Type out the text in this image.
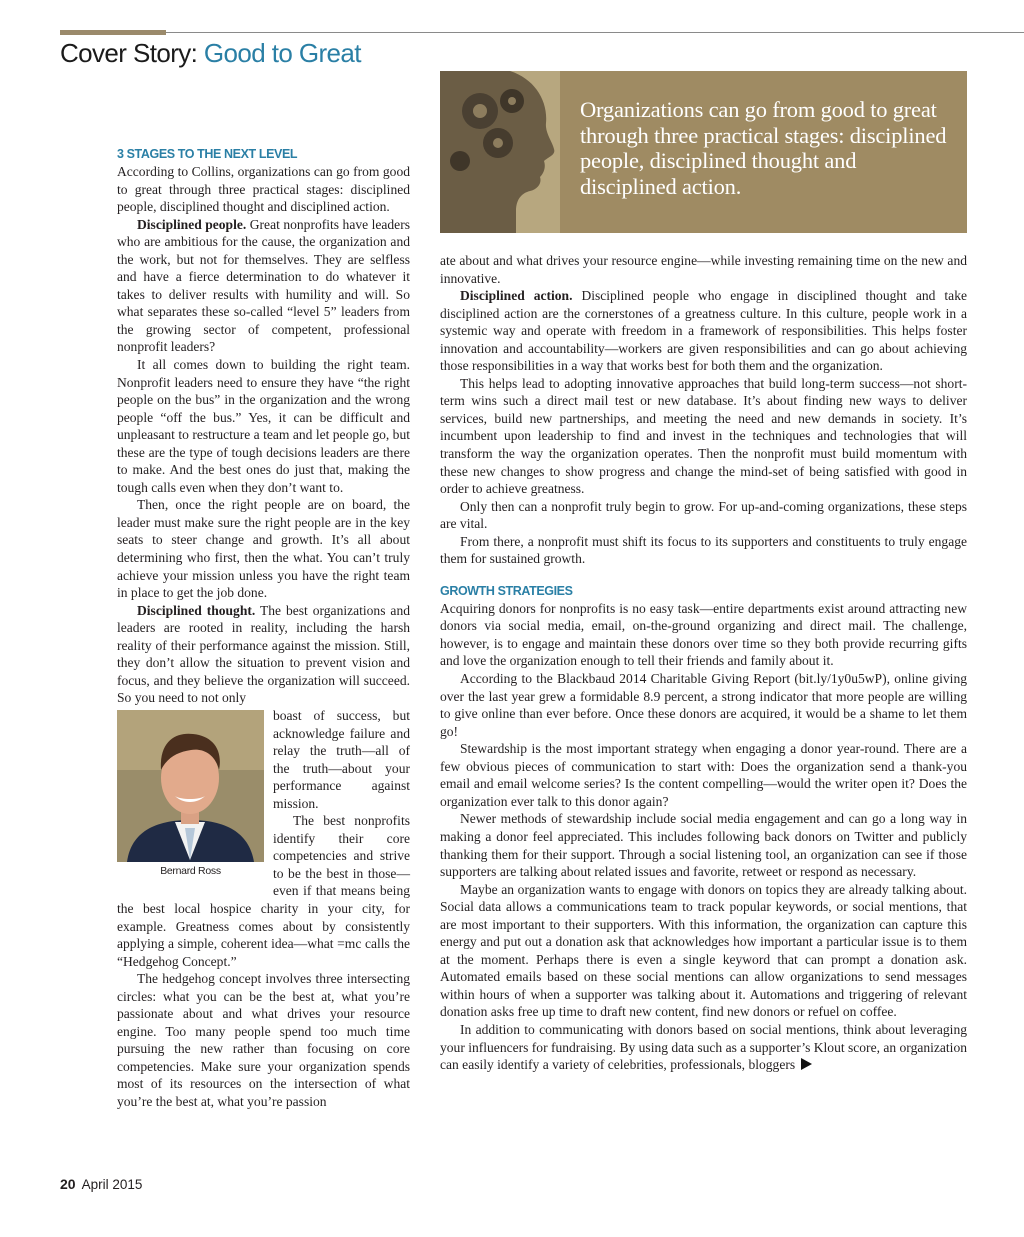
Cover Story: Good to Great
Organizations can go from good to great through three practical stages: disciplined people, disciplined thought and disciplined action.
3 STAGES TO THE NEXT LEVEL

According to Collins, organizations can go from good to great through three practical stages: disciplined people, disciplined thought and disciplined action.

Disciplined people. Great nonprofits have leaders who are ambitious for the cause, the organization and the work, but not for themselves. They are selfless and have a fierce determination to do whatever it takes to deliver results with humility and will. So what separates these so-called “level 5” leaders from the growing sector of competent, professional nonprofit leaders?

It all comes down to building the right team. Nonprofit leaders need to ensure they have “the right people on the bus” in the organization and the wrong people “off the bus.” Yes, it can be difficult and unpleasant to restructure a team and let people go, but these are the type of tough decisions leaders are there to make. And the best ones do just that, making the tough calls even when they don’t want to.

Then, once the right people are on board, the leader must make sure the right people are in the key seats to steer change and growth. It’s all about determining who first, then the what. You can’t truly achieve your mission unless you have the right team in place to get the job done.

Disciplined thought. The best organizations and leaders are rooted in reality, including the harsh reality of their performance against the mission. Still, they don’t allow the situation to prevent vision and focus, and they believe the organization will succeed. So you need to not only

Bernard Ross

boast of success, but acknowledge failure and relay the truth—all of the truth—about your performance against mission.

The best nonprofits identify their core competencies and strive to be the best in those—even if that means being the best local hospice charity in your city, for example. Greatness comes about by consistently applying a simple, coherent idea—what =mc calls the “Hedgehog Concept.”

The hedgehog concept involves three intersecting circles: what you can be the best at, what you’re passionate about and what drives your resource engine. Too many people spend too much time pursuing the new rather than focusing on core competencies. Make sure your organization spends most of its resources on the intersection of what you’re the best at, what you’re passion

ate about and what drives your resource engine—while investing remaining time on the new and innovative.

Disciplined action. Disciplined people who engage in disciplined thought and take disciplined action are the cornerstones of a greatness culture. In this culture, people work in a systemic way and operate with freedom in a framework of responsibilities. This helps foster innovation and accountability—workers are given responsibilities and can go about achieving those responsibilities in a way that works best for both them and the organization.

This helps lead to adopting innovative approaches that build long-term success—not short-term wins such a direct mail test or new database. It’s about finding new ways to deliver services, build new partnerships, and meeting the need and new demands in society. It’s incumbent upon leadership to find and invest in the techniques and technologies that will transform the way the organization operates. Then the nonprofit must build momentum with these new changes to show progress and change the mind-set of being satisfied with good in order to achieve greatness.

Only then can a nonprofit truly begin to grow. For up-and-coming organizations, these steps are vital.

From there, a nonprofit must shift its focus to its supporters and constituents to truly engage them for sustained growth.

GROWTH STRATEGIES

Acquiring donors for nonprofits is no easy task—entire departments exist around attracting new donors via social media, email, on-the-ground organizing and direct mail. The challenge, however, is to engage and maintain these donors over time so they both provide recurring gifts and love the organization enough to tell their friends and family about it.

According to the Blackbaud 2014 Charitable Giving Report (bit.ly/1y0u5wP), online giving over the last year grew a formidable 8.9 percent, a strong indicator that more people are willing to give online than ever before. Once these donors are acquired, it would be a shame to let them go!

Stewardship is the most important strategy when engaging a donor year-round. There are a few obvious pieces of communication to start with: Does the organization send a thank-you email and email welcome series? Is the content compelling—would the writer open it? Does the organization ever talk to this donor again?

Newer methods of stewardship include social media engagement and can go a long way in making a donor feel appreciated. This includes following back donors on Twitter and publicly thanking them for their support. Through a social listening tool, an organization can see if those supporters are talking about related issues and favorite, retweet or respond as necessary.

Maybe an organization wants to engage with donors on topics they are already talking about. Social data allows a communications team to track popular keywords, or social mentions, that are most important to their supporters. With this information, the organization can capture this energy and put out a donation ask that acknowledges how important a particular issue is to them at the moment. Perhaps there is even a single keyword that can prompt a donation ask. Automated emails based on these social mentions can allow organizations to send messages within hours of when a supporter was talking about it. Automations and triggering of relevant donation asks free up time to draft new content, find new donors or refuel on coffee.

In addition to communicating with donors based on social mentions, think about leveraging your influencers for fundraising. By using data such as a supporter’s Klout score, an organization can easily identify a variety of celebrities, professionals, bloggers

20 April 2015
